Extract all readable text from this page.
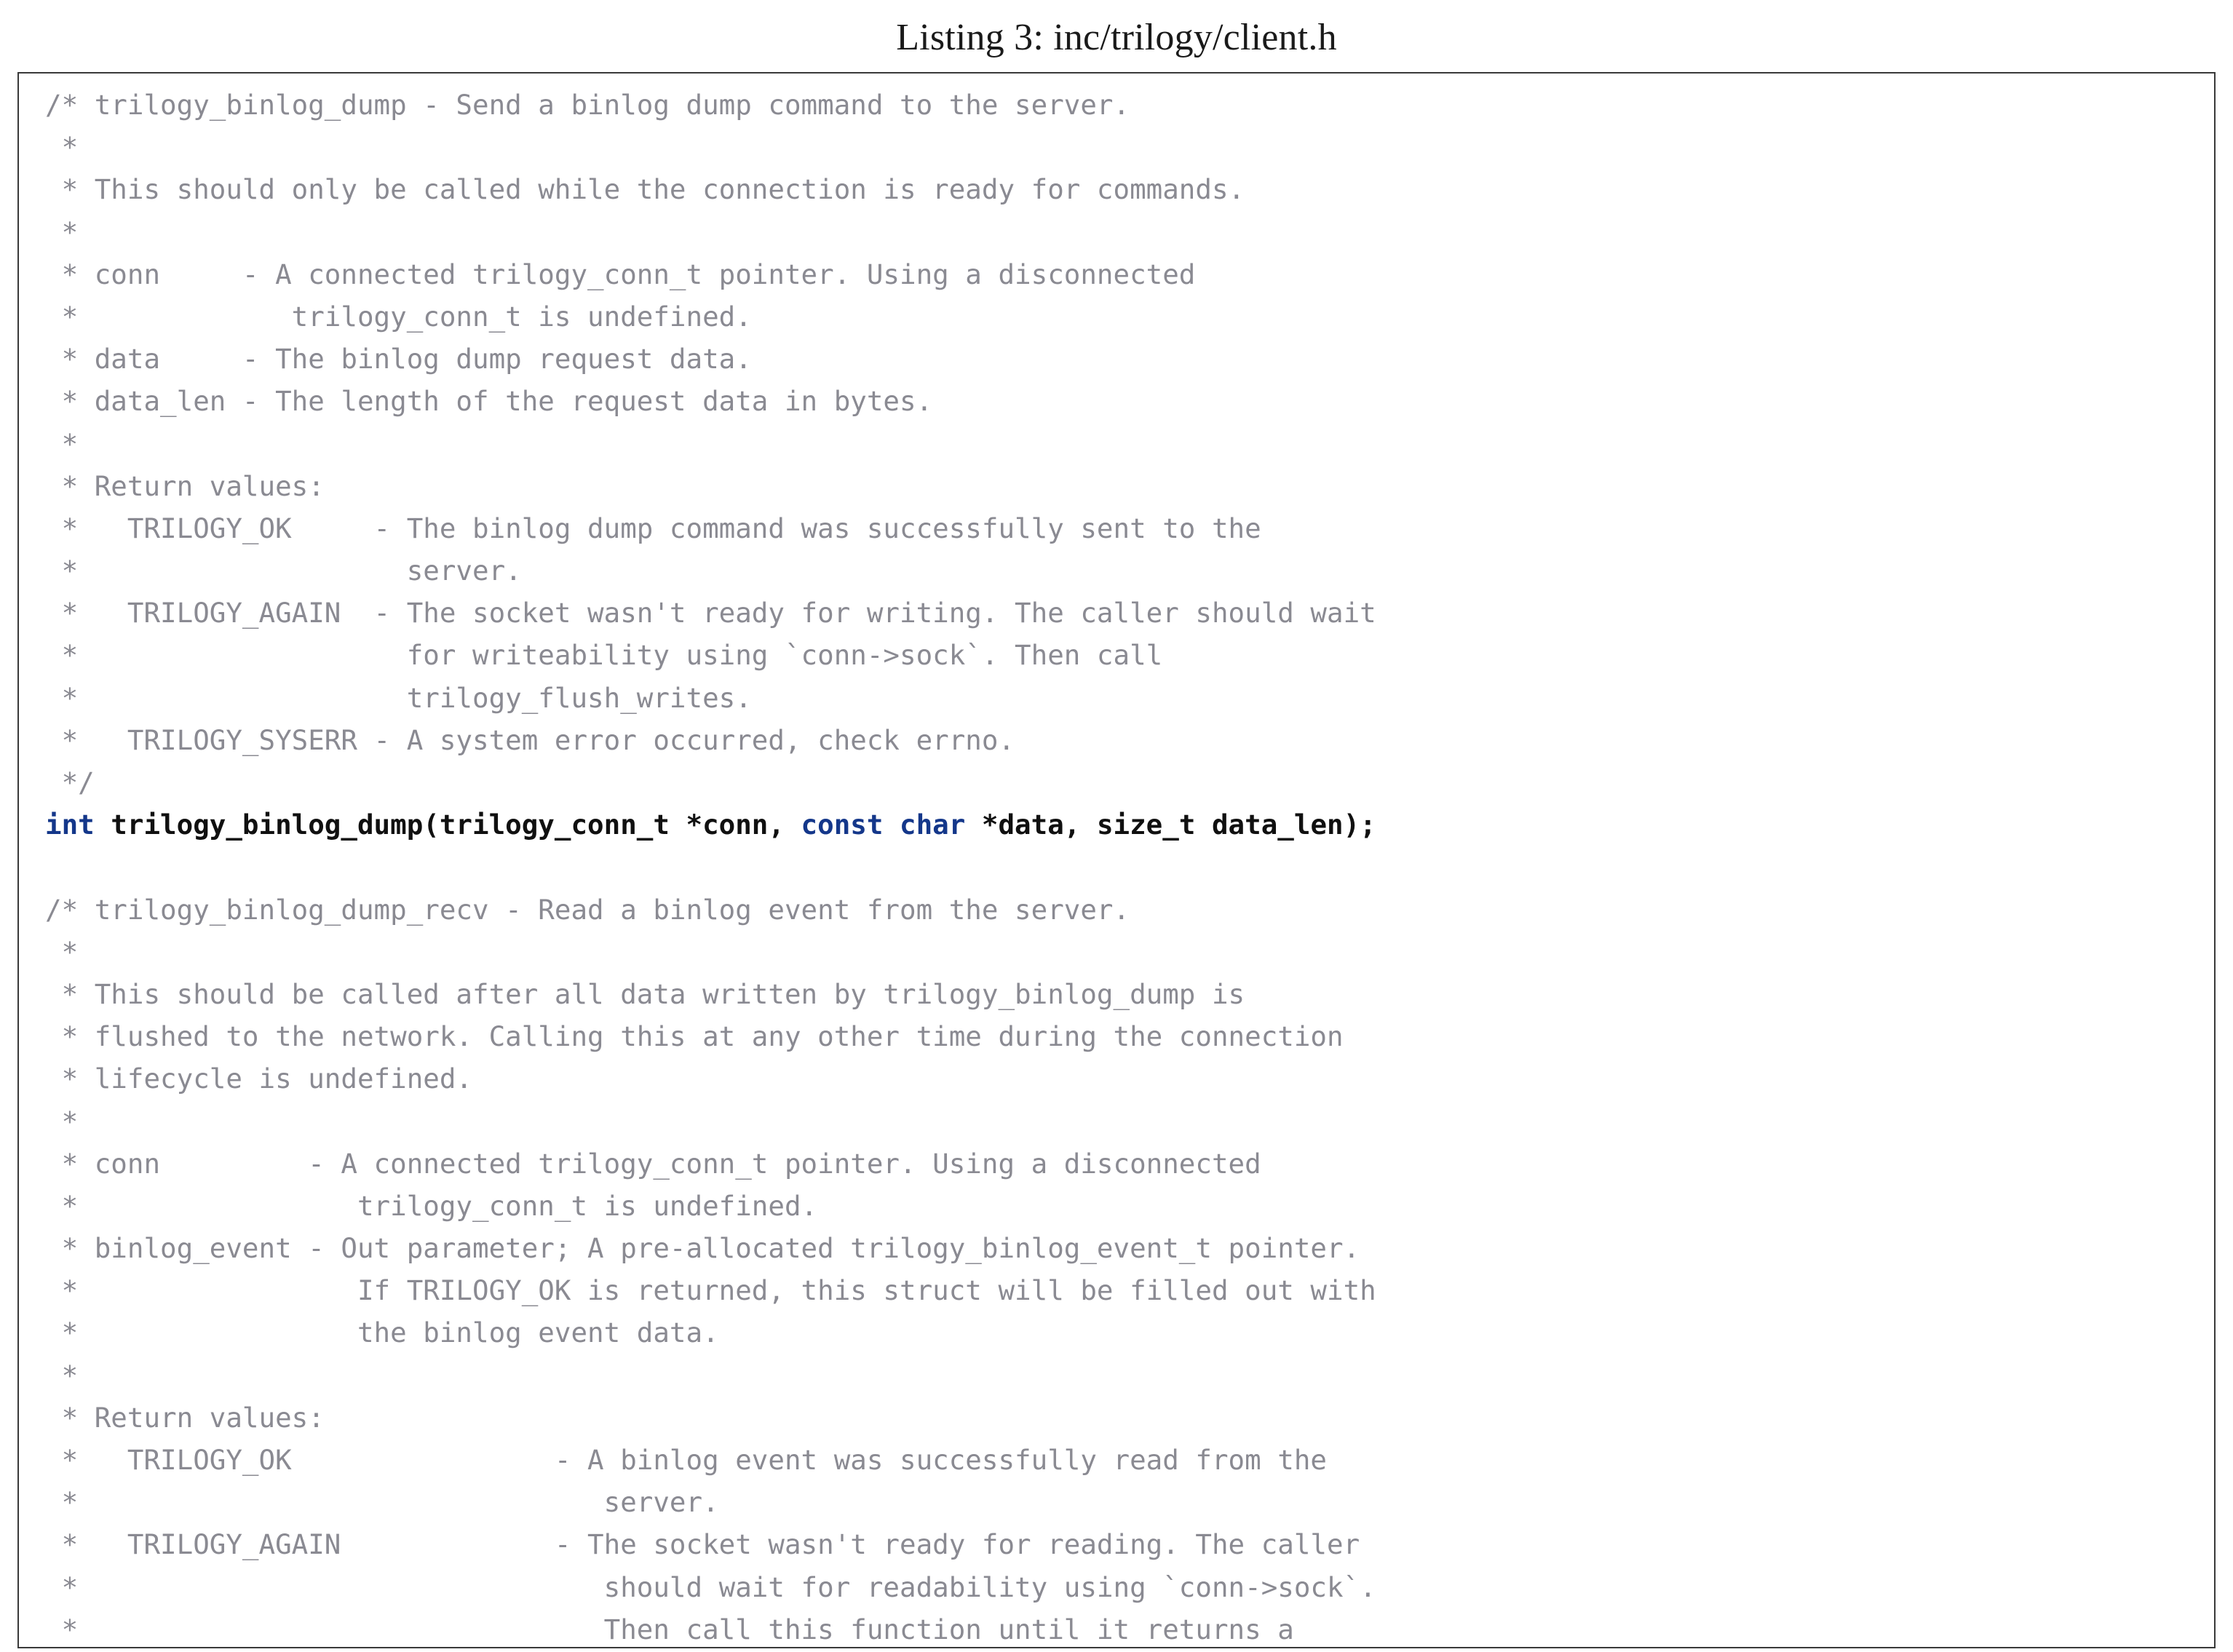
Listing 3: inc/trilogy/client.h
/* trilogy_binlog_dump - Send a binlog dump command to the server.
*
* This should only be called while the connection is ready for commands.
*
* conn     - A connected trilogy_conn_t pointer. Using a disconnected
*             trilogy_conn_t is undefined.
* data     - The binlog dump request data.
* data_len - The length of the request data in bytes.
*
* Return values:
*   TRILOGY_OK     - The binlog dump command was successfully sent to the
*                    server.
*   TRILOGY_AGAIN  - The socket wasn't ready for writing. The caller should wait
*                    for writeability using `conn->sock`. Then call
*                    trilogy_flush_writes.
*   TRILOGY_SYSERR - A system error occurred, check errno.
*/
int trilogy_binlog_dump(trilogy_conn_t *conn, const char *data, size_t data_len);

/* trilogy_binlog_dump_recv - Read a binlog event from the server.
*
* This should be called after all data written by trilogy_binlog_dump is
* flushed to the network. Calling this at any other time during the connection
* lifecycle is undefined.
*
* conn         - A connected trilogy_conn_t pointer. Using a disconnected
*                 trilogy_conn_t is undefined.
* binlog_event - Out parameter; A pre-allocated trilogy_binlog_event_t pointer.
*                 If TRILOGY_OK is returned, this struct will be filled out with
*                 the binlog event data.
*
* Return values:
*   TRILOGY_OK                - A binlog event was successfully read from the
*                                server.
*   TRILOGY_AGAIN             - The socket wasn't ready for reading. The caller
*                                should wait for readability using `conn->sock`.
*                                Then call this function until it returns a
